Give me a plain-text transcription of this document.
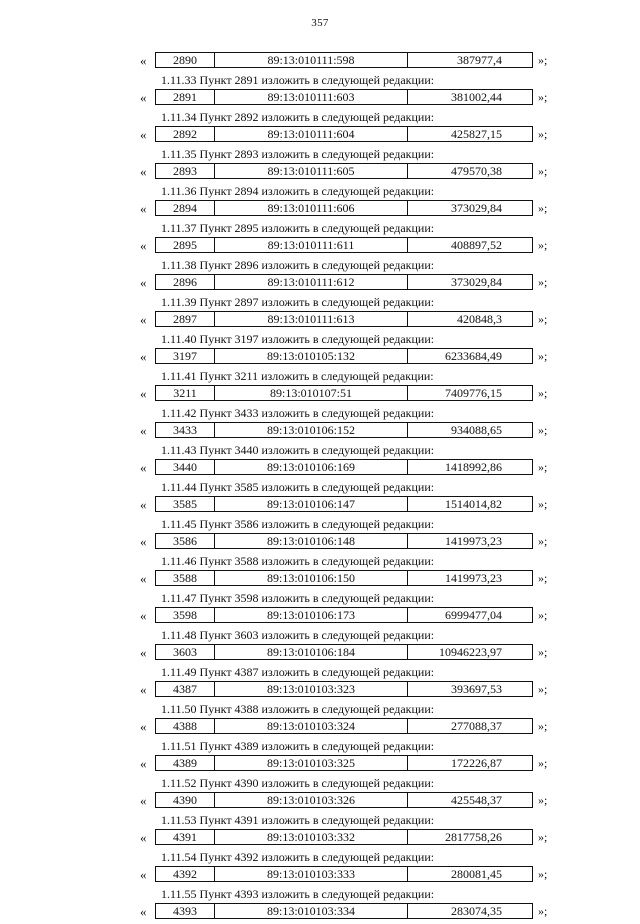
357
«	2890	89:13:010111:598	387977,4	»;
1.11.33 Пункт 2891 изложить в следующей редакции:
«	2891	89:13:010111:603	381002,44	»;
1.11.34 Пункт 2892 изложить в следующей редакции:
«	2892	89:13:010111:604	425827,15	»;
1.11.35 Пункт 2893 изложить в следующей редакции:
«	2893	89:13:010111:605	479570,38	»;
1.11.36 Пункт 2894 изложить в следующей редакции:
«	2894	89:13:010111:606	373029,84	»;
1.11.37 Пункт 2895 изложить в следующей редакции:
«	2895	89:13:010111:611	408897,52	»;
1.11.38 Пункт 2896 изложить в следующей редакции:
«	2896	89:13:010111:612	373029,84	»;
1.11.39 Пункт 2897 изложить в следующей редакции:
«	2897	89:13:010111:613	420848,3	»;
1.11.40 Пункт 3197 изложить в следующей редакции:
«	3197	89:13:010105:132	6233684,49	»;
1.11.41 Пункт 3211 изложить в следующей редакции:
«	3211	89:13:010107:51	7409776,15	»;
1.11.42 Пункт 3433 изложить в следующей редакции:
«	3433	89:13:010106:152	934088,65	»;
1.11.43 Пункт 3440 изложить в следующей редакции:
«	3440	89:13:010106:169	1418992,86	»;
1.11.44 Пункт 3585 изложить в следующей редакции:
«	3585	89:13:010106:147	1514014,82	»;
1.11.45 Пункт 3586 изложить в следующей редакции:
«	3586	89:13:010106:148	1419973,23	»;
1.11.46 Пункт 3588 изложить в следующей редакции:
«	3588	89:13:010106:150	1419973,23	»;
1.11.47 Пункт 3598 изложить в следующей редакции:
«	3598	89:13:010106:173	6999477,04	»;
1.11.48 Пункт 3603 изложить в следующей редакции:
«	3603	89:13:010106:184	10946223,97	»;
1.11.49 Пункт 4387 изложить в следующей редакции:
«	4387	89:13:010103:323	393697,53	»;
1.11.50 Пункт 4388 изложить в следующей редакции:
«	4388	89:13:010103:324	277088,37	»;
1.11.51 Пункт 4389 изложить в следующей редакции:
«	4389	89:13:010103:325	172226,87	»;
1.11.52 Пункт 4390 изложить в следующей редакции:
«	4390	89:13:010103:326	425548,37	»;
1.11.53 Пункт 4391 изложить в следующей редакции:
«	4391	89:13:010103:332	2817758,26	»;
1.11.54 Пункт 4392 изложить в следующей редакции:
«	4392	89:13:010103:333	280081,45	»;
1.11.55 Пункт 4393 изложить в следующей редакции:
«	4393	89:13:010103:334	283074,35	»;
